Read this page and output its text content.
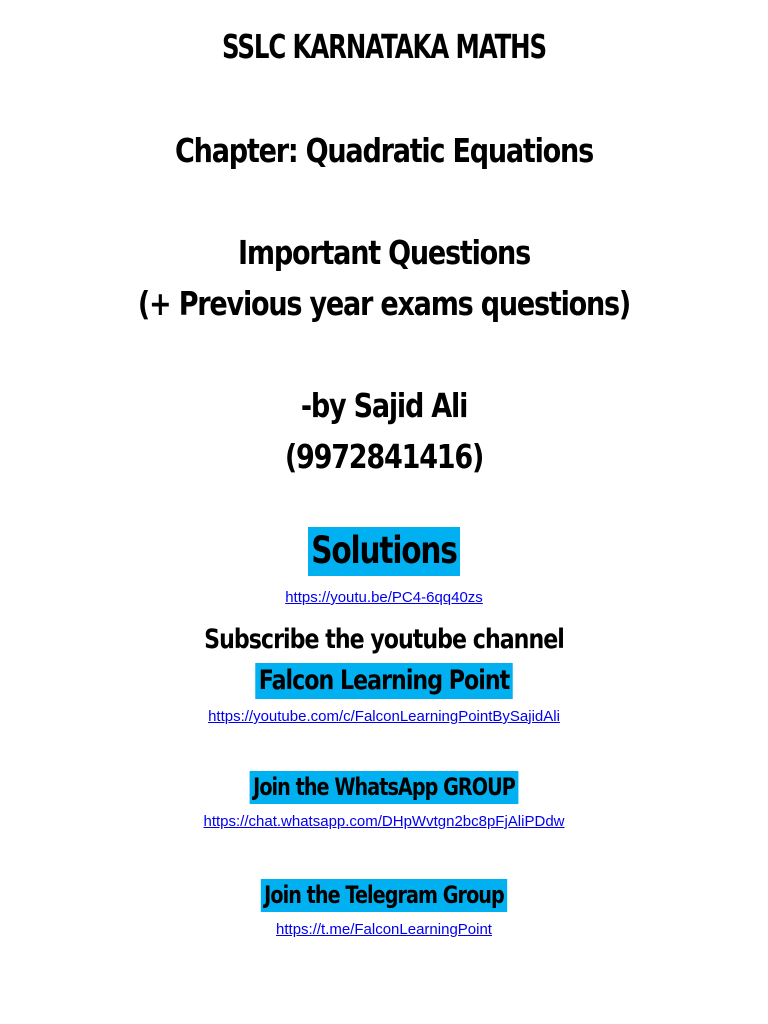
SSLC KARNATAKA MATHS
Chapter: Quadratic Equations
Important Questions
(+ Previous year exams questions)
-by Sajid Ali
(9972841416)
Solutions
https://youtu.be/PC4-6qq40zs
Subscribe the youtube channel
Falcon Learning Point
https://youtube.com/c/FalconLearningPointBySajidAli
Join the WhatsApp GROUP
https://chat.whatsapp.com/DHpWvtgn2bc8pFjAliPDdw
Join the Telegram Group
https://t.me/FalconLearningPoint
